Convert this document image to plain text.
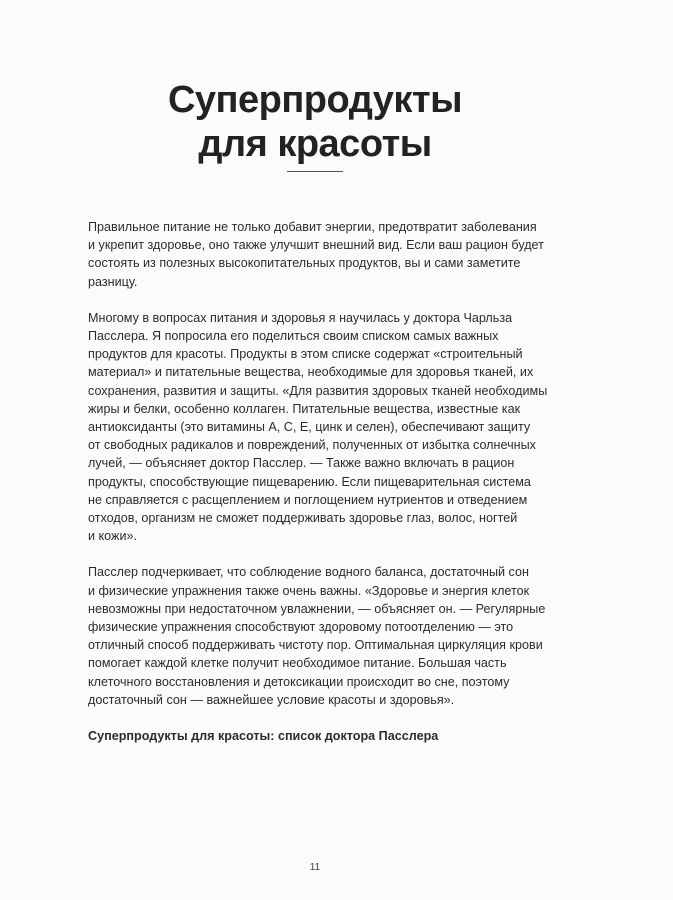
Суперпродукты
для красоты

Правильное питание не только добавит энергии, предотвратит заболевания
и укрепит здоровье, оно также улучшит внешний вид. Если ваш рацион будет
состоять из полезных высокопитательных продуктов, вы и сами заметите
разницу.

Многому в вопросах питания и здоровья я научилась у доктора Чарльза
Пасслера. Я попросила его поделиться своим списком самых важных
продуктов для красоты. Продукты в этом списке содержат «строительный
материал» и питательные вещества, необходимые для здоровья тканей, их
сохранения, развития и защиты. «Для развития здоровых тканей необходимы
жиры и белки, особенно коллаген. Питательные вещества, известные как
антиоксиданты (это витамины А, С, Е, цинк и селен), обеспечивают защиту
от свободных радикалов и повреждений, полученных от избытка солнечных
лучей, — объясняет доктор Пасслер. — Также важно включать в рацион
продукты, способствующие пищеварению. Если пищеварительная система
не справляется с расщеплением и поглощением нутриентов и отведением
отходов, организм не сможет поддерживать здоровье глаз, волос, ногтей
и кожи».

Пасслер подчеркивает, что соблюдение водного баланса, достаточный сон
и физические упражнения также очень важны. «Здоровье и энергия клеток
невозможны при недостаточном увлажнении, — объясняет он. — Регулярные
физические упражнения способствуют здоровому потоотделению — это
отличный способ поддерживать чистоту пор. Оптимальная циркуляция крови
помогает каждой клетке получит необходимое питание. Большая часть
клеточного восстановления и детоксикации происходит во сне, поэтому
достаточный сон — важнейшее условие красоты и здоровья».

Суперпродукты для красоты: список доктора Пасслера
11
